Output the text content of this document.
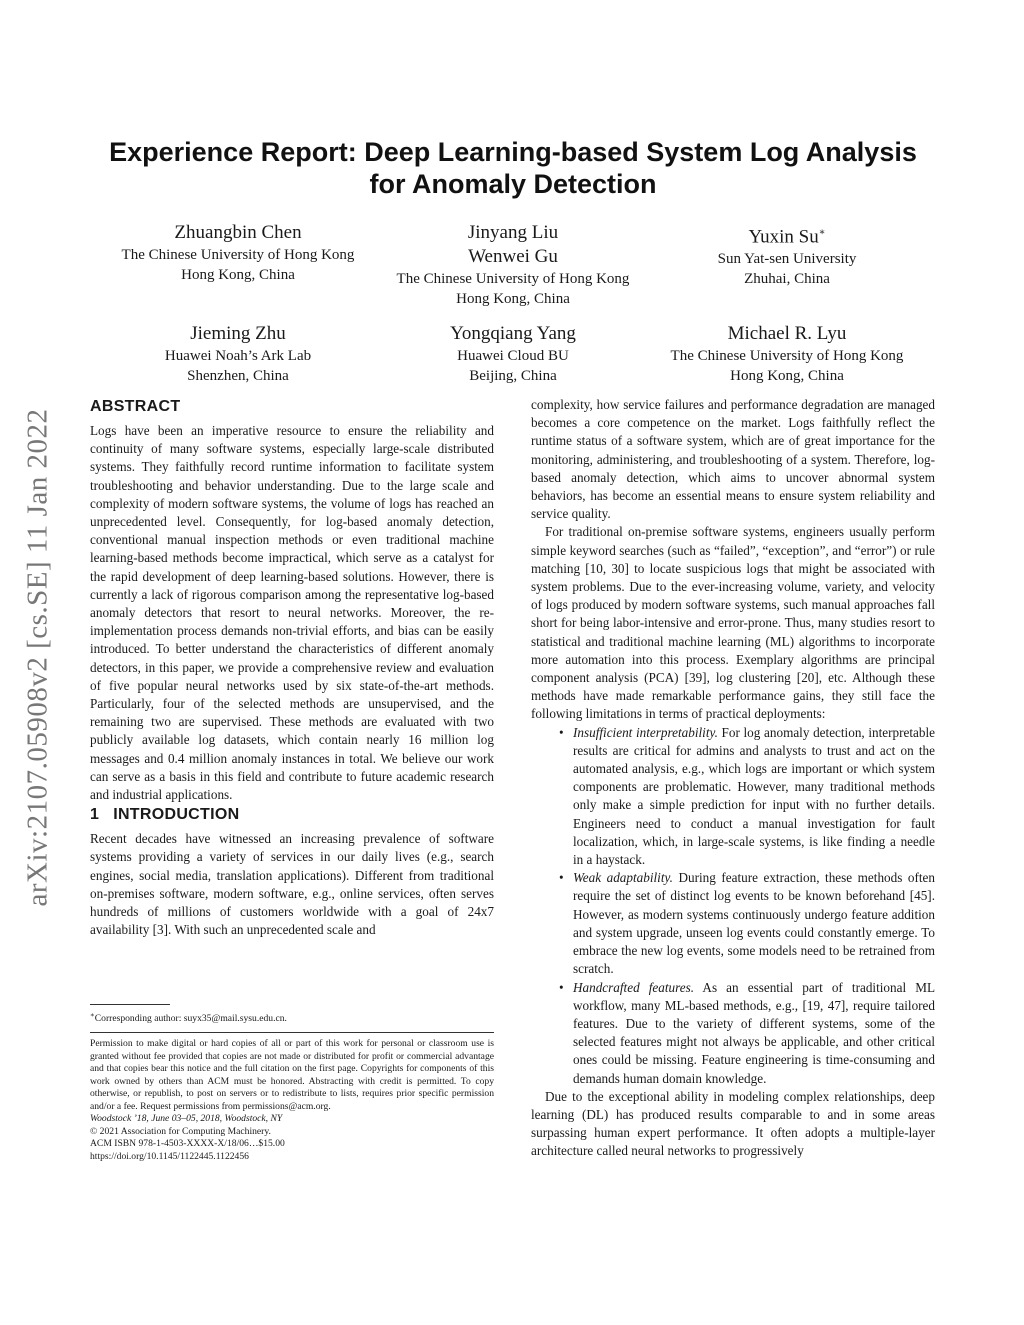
arXiv:2107.05908v2 [cs.SE] 11 Jan 2022
Experience Report: Deep Learning-based System Log Analysis
for Anomaly Detection
Zhuangbin Chen
The Chinese University of Hong Kong
Hong Kong, China
Jinyang Liu
Wenwei Gu
The Chinese University of Hong Kong
Hong Kong, China
Yuxin Su∗
Sun Yat-sen University
Zhuhai, China
Jieming Zhu
Huawei Noah’s Ark Lab
Shenzhen, China
Yongqiang Yang
Huawei Cloud BU
Beijing, China
Michael R. Lyu
The Chinese University of Hong Kong
Hong Kong, China
ABSTRACT

Logs have been an imperative resource to ensure the reliability and continuity of many software systems, especially large-scale distributed systems. They faithfully record runtime information to facilitate system troubleshooting and behavior understanding. Due to the large scale and complexity of modern software systems, the volume of logs has reached an unprecedented level. Consequently, for log-based anomaly detection, conventional manual inspection methods or even traditional machine learning-based methods become impractical, which serve as a catalyst for the rapid development of deep learning-based solutions. However, there is currently a lack of rigorous comparison among the representative log-based anomaly detectors that resort to neural networks. Moreover, the re-implementation process demands non-trivial efforts, and bias can be easily introduced. To better understand the characteristics of different anomaly detectors, in this paper, we provide a comprehensive review and evaluation of five popular neural networks used by six state-of-the-art methods. Particularly, four of the selected methods are unsupervised, and the remaining two are supervised. These methods are evaluated with two publicly available log datasets, which contain nearly 16 million log messages and 0.4 million anomaly instances in total. We believe our work can serve as a basis in this field and contribute to future academic research and industrial applications.

1 INTRODUCTION

Recent decades have witnessed an increasing prevalence of software systems providing a variety of services in our daily lives (e.g., search engines, social media, translation applications). Different from traditional on-premises software, modern software, e.g., online services, often serves hundreds of millions of customers worldwide with a goal of 24x7 availability [3]. With such an unprecedented scale and

∗Corresponding author: suyx35@mail.sysu.edu.cn.

Permission to make digital or hard copies of all or part of this work for personal or classroom use is granted without fee provided that copies are not made or distributed for profit or commercial advantage and that copies bear this notice and the full citation on the first page. Copyrights for components of this work owned by others than ACM must be honored. Abstracting with credit is permitted. To copy otherwise, or republish, to post on servers or to redistribute to lists, requires prior specific permission and/or a fee. Request permissions from permissions@acm.org.

Woodstock ’18, June 03–05, 2018, Woodstock, NY

© 2021 Association for Computing Machinery.

ACM ISBN 978-1-4503-XXXX-X/18/06…$15.00

https://doi.org/10.1145/1122445.1122456

complexity, how service failures and performance degradation are managed becomes a core competence on the market. Logs faithfully reflect the runtime status of a software system, which are of great importance for the monitoring, administering, and troubleshooting of a system. Therefore, log-based anomaly detection, which aims to uncover abnormal system behaviors, has become an essential means to ensure system reliability and service quality.

For traditional on-premise software systems, engineers usually perform simple keyword searches (such as “failed”, “exception”, and “error”) or rule matching [10, 30] to locate suspicious logs that might be associated with system problems. Due to the ever-increasing volume, variety, and velocity of logs produced by modern software systems, such manual approaches fall short for being labor-intensive and error-prone. Thus, many studies resort to statistical and traditional machine learning (ML) algorithms to incorporate more automation into this process. Exemplary algorithms are principal component analysis (PCA) [39], log clustering [20], etc. Although these methods have made remarkable performance gains, they still face the following limitations in terms of practical deployments:

• Insufficient interpretability. For log anomaly detection, interpretable results are critical for admins and analysts to trust and act on the automated analysis, e.g., which logs are important or which system components are problematic. However, many traditional methods only make a simple prediction for input with no further details. Engineers need to conduct a manual investigation for fault localization, which, in large-scale systems, is like finding a needle in a haystack.
• Weak adaptability. During feature extraction, these methods often require the set of distinct log events to be known beforehand [45]. However, as modern systems continuously undergo feature addition and system upgrade, unseen log events could constantly emerge. To embrace the new log events, some models need to be retrained from scratch.
• Handcrafted features. As an essential part of traditional ML workflow, many ML-based methods, e.g., [19, 47], require tailored features. Due to the variety of different systems, some of the selected features might not always be applicable, and other critical ones could be missing. Feature engineering is time-consuming and demands human domain knowledge.

Due to the exceptional ability in modeling complex relationships, deep learning (DL) has produced results comparable to and in some areas surpassing human expert performance. It often adopts a multiple-layer architecture called neural networks to progressively
